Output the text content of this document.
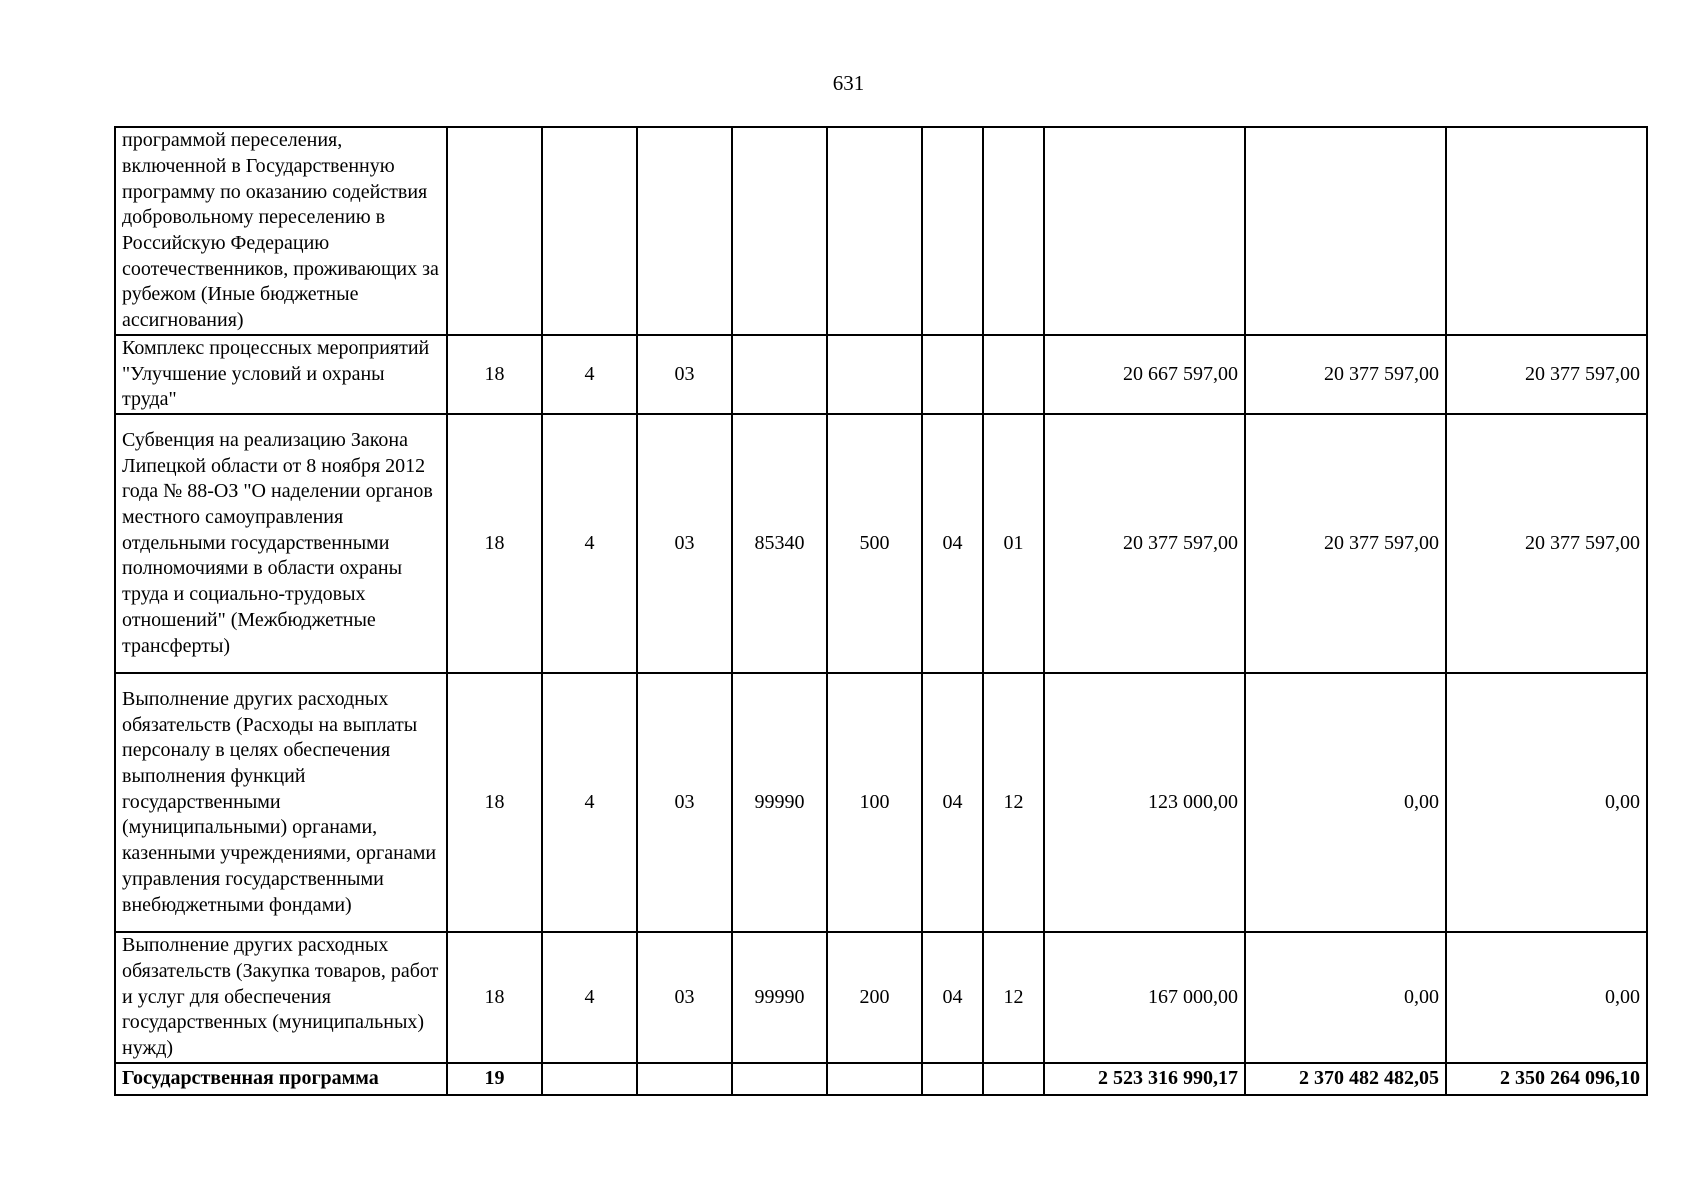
631
программой переселения, включенной в Государственную программу по оказанию содействия добровольному переселению в Российскую Федерацию соотечественников, проживающих за рубежом (Иные бюджетные ассигнования)										
Комплекс процессных мероприятий "Улучшение условий и охраны труда"	18	4	03					20 667 597,00	20 377 597,00	20 377 597,00
Субвенция на реализацию Закона Липецкой области от 8 ноября 2012 года № 88-ОЗ "О наделении органов местного самоуправления отдельными государственными полномочиями в области охраны труда и социально-трудовых отношений" (Межбюджетные трансферты)	18	4	03	85340	500	04	01	20 377 597,00	20 377 597,00	20 377 597,00
Выполнение других расходных обязательств (Расходы на выплаты персоналу в целях обеспечения выполнения функций государственными (муниципальными) органами, казенными учреждениями, органами управления государственными внебюджетными фондами)	18	4	03	99990	100	04	12	123 000,00	0,00	0,00
Выполнение других расходных обязательств (Закупка товаров, работ и услуг для обеспечения государственных (муниципальных) нужд)	18	4	03	99990	200	04	12	167 000,00	0,00	0,00
Государственная программа	19							2 523 316 990,17	2 370 482 482,05	2 350 264 096,10
